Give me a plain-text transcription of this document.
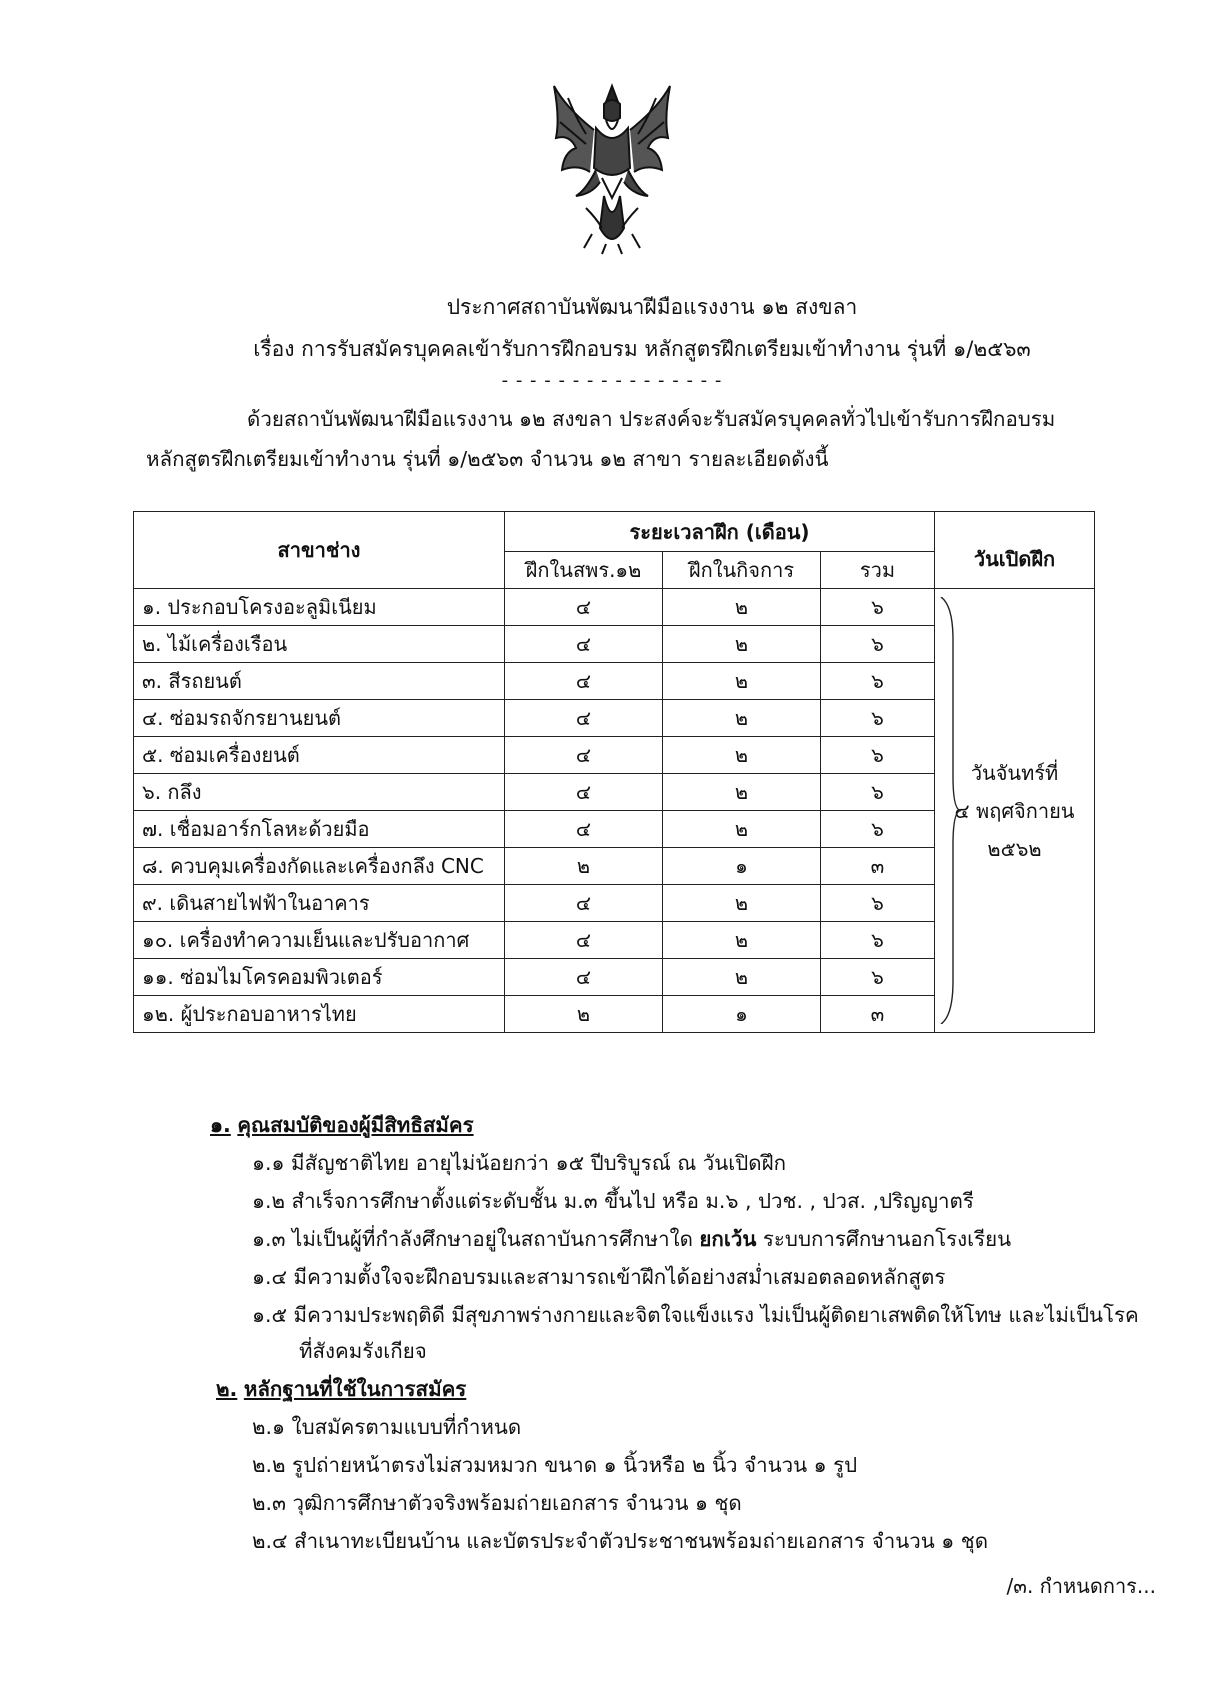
ประกาศสถาบันพัฒนาฝีมือแรงงาน ๑๒ สงขลา
เรื่อง การรับสมัครบุคคลเข้ารับการฝึกอบรม หลักสูตรฝึกเตรียมเข้าทำงาน รุ่นที่ ๑/๒๕๖๓
- - - - - - - - - - - - - - - -
ด้วยสถาบันพัฒนาฝีมือแรงงาน ๑๒ สงขลา ประสงค์จะรับสมัครบุคคลทั่วไปเข้ารับการฝึกอบรม
หลักสูตรฝึกเตรียมเข้าทำงาน รุ่นที่ ๑/๒๕๖๓ จำนวน ๑๒ สาขา รายละเอียดดังนี้
สาขาช่าง	ระยะเวลาฝึก (เดือน)			วันเปิดฝึก
	ฝึกในสพร.๑๒	ฝึกในกิจการ	รวม	
๑. ประกอบโครงอะลูมิเนียม	๔	๒	๖	วันจันทร์ที่
๔ พฤศจิกายน
๒๕๖๒

๒. ไม้เครื่องเรือน	๔	๒	๖	
๓. สีรถยนต์	๔	๒	๖	
๔. ซ่อมรถจักรยานยนต์	๔	๒	๖	
๕. ซ่อมเครื่องยนต์	๔	๒	๖	
๖. กลึง	๔	๒	๖	
๗. เชื่อมอาร์กโลหะด้วยมือ	๔	๒	๖	
๘. ควบคุมเครื่องกัดและเครื่องกลึง CNC	๒	๑	๓	
๙. เดินสายไฟฟ้าในอาคาร	๔	๒	๖	
๑๐. เครื่องทำความเย็นและปรับอากาศ	๔	๒	๖	
๑๑. ซ่อมไมโครคอมพิวเตอร์	๔	๒	๖	
๑๒. ผู้ประกอบอาหารไทย	๒	๑	๓	
๑. คุณสมบัติของผู้มีสิทธิสมัคร
๑.๑ มีสัญชาติไทย อายุไม่น้อยกว่า ๑๕ ปีบริบูรณ์ ณ วันเปิดฝึก
๑.๒ สำเร็จการศึกษาตั้งแต่ระดับชั้น ม.๓ ขึ้นไป หรือ ม.๖ , ปวช. , ปวส. ,ปริญญาตรี
๑.๓ ไม่เป็นผู้ที่กำลังศึกษาอยู่ในสถาบันการศึกษาใด ยกเว้น ระบบการศึกษานอกโรงเรียน
๑.๔ มีความตั้งใจจะฝึกอบรมและสามารถเข้าฝึกได้อย่างสม่ำเสมอตลอดหลักสูตร
๑.๕ มีความประพฤติดี มีสุขภาพร่างกายและจิตใจแข็งแรง ไม่เป็นผู้ติดยาเสพติดให้โทษ และไม่เป็นโรค
ที่สังคมรังเกียจ
๒. หลักฐานที่ใช้ในการสมัคร
๒.๑ ใบสมัครตามแบบที่กำหนด
๒.๒ รูปถ่ายหน้าตรงไม่สวมหมวก ขนาด ๑ นิ้วหรือ ๒ นิ้ว จำนวน ๑ รูป
๒.๓ วุฒิการศึกษาตัวจริงพร้อมถ่ายเอกสาร จำนวน ๑ ชุด
๒.๔ สำเนาทะเบียนบ้าน และบัตรประจำตัวประชาชนพร้อมถ่ายเอกสาร จำนวน ๑ ชุด
/๓. กำหนดการ...
